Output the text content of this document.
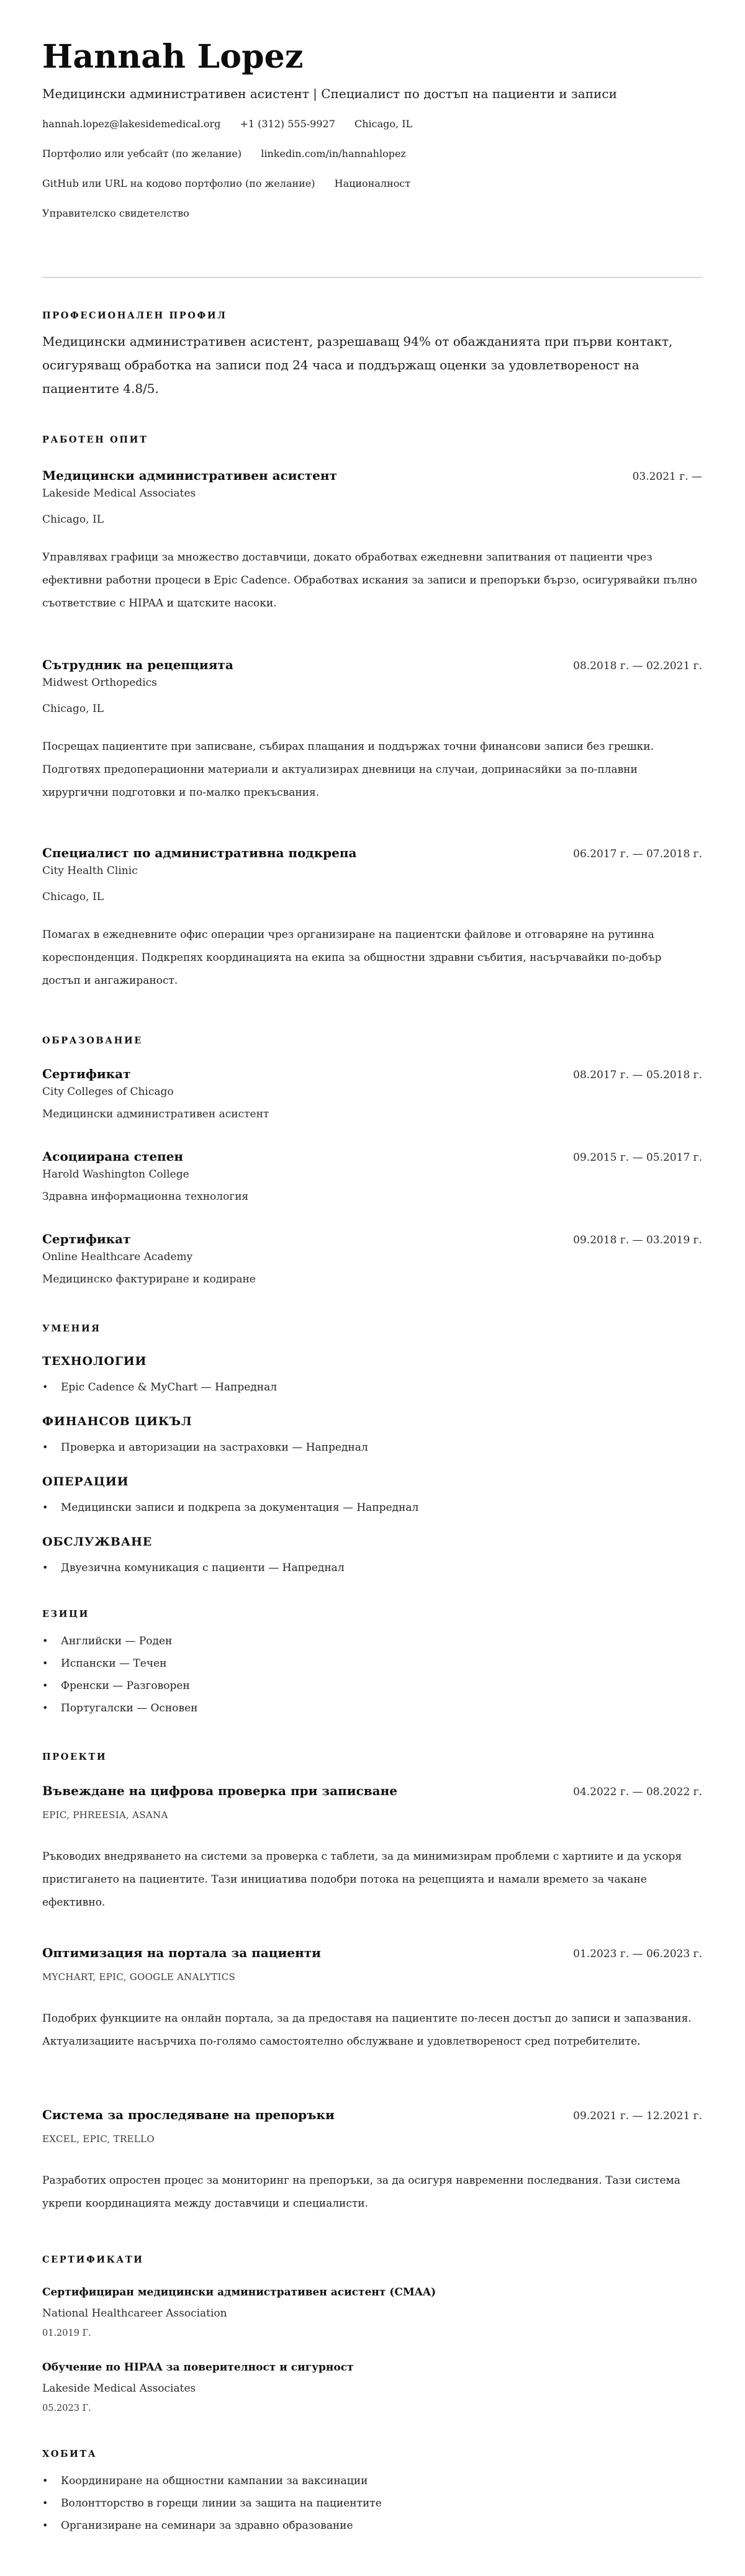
Hannah Lopez
Медицински административен асистент | Специалист по достъп на пациенти и записи
hannah.lopez@lakesidemedical.org +1 (312) 555-9927 Chicago, IL
Портфолио или уебсайт (по желание) linkedin.com/in/hannahlopez
GitHub или URL на кодово портфолио (по желание) Националност
Управителско свидетелство
ПРОФЕСИОНАЛЕН ПРОФИЛ

Медицински административен асистент, разрешаващ 94% от обажданията при първи контакт, осигуряващ обработка на записи под 24 часа и поддържащ оценки за удовлетвореност на пациентите 4.8/5.

РАБОТЕН ОПИТ
Медицински административен асистент	03.2021 г. —
Lakeside Medical Associates
Chicago, IL

Управлявах графици за множество доставчици, докато обработвах ежедневни запитвания от пациенти чрез ефективни работни процеси в Epic Cadence. Обработвах искания за записи и препоръки бързо, осигурявайки пълно съответствие с HIPAA и щатските насоки.

Сътрудник на рецепцията	08.2018 г. — 02.2021 г.
Midwest Orthopedics
Chicago, IL

Посрещах пациентите при записване, събирах плащания и поддържах точни финансови записи без грешки. Подготвях предоперационни материали и актуализирах дневници на случаи, допринасяйки за по-плавни хирургични подготовки и по-малко прекъсвания.

Специалист по административна подкрепа	06.2017 г. — 07.2018 г.
City Health Clinic
Chicago, IL

Помагах в ежедневните офис операции чрез организиране на пациентски файлове и отговаряне на рутинна кореспонденция. Подкрепях координацията на екипа за общностни здравни събития, насърчавайки по-добър достъп и ангажираност.

ОБРАЗОВАНИЕ
Сертификат	08.2017 г. — 05.2018 г.
City Colleges of Chicago
Медицински административен асистент
Асоциирана степен	09.2015 г. — 05.2017 г.
Harold Washington College
Здравна информационна технология
Сертификат	09.2018 г. — 03.2019 г.
Online Healthcare Academy
Медицинско фактуриране и кодиране
УМЕНИЯ
ТЕХНОЛОГИИ
• Epic Cadence & MyChart — Напреднал
ФИНАНСОВ ЦИКЪЛ
• Проверка и авторизации на застраховки — Напреднал
ОПЕРАЦИИ
• Медицински записи и подкрепа за документация — Напреднал
ОБСЛУЖВАНЕ
• Двуезична комуникация с пациенти — Напреднал
ЕЗИЦИ
• Английски — Роден
• Испански — Течен
• Френски — Разговорен
• Португалски — Основен
ПРОЕКТИ
Въвеждане на цифрова проверка при записване	04.2022 г. — 08.2022 г.
EPIC, PHREESIA, ASANA

Ръководих внедряването на системи за проверка с таблети, за да минимизирам проблеми с хартиите и да ускоря пристигането на пациентите. Тази инициатива подобри потока на рецепцията и намали времето за чакане ефективно.

Оптимизация на портала за пациенти	01.2023 г. — 06.2023 г.
MYCHART, EPIC, GOOGLE ANALYTICS

Подобрих функциите на онлайн портала, за да предоставя на пациентите по-лесен достъп до записи и запазвания. Актуализациите насърчиха по-голямо самостоятелно обслужване и удовлетвореност сред потребителите.

Система за проследяване на препоръки	09.2021 г. — 12.2021 г.
EXCEL, EPIC, TRELLO

Разработих опростен процес за мониторинг на препоръки, за да осигуря навременни последвания. Тази система укрепи координацията между доставчици и специалисти.

СЕРТИФИКАТИ
Сертифициран медицински административен асистент (CMAA)
National Healthcareer Association
01.2019 Г.
Обучение по HIPAA за поверителност и сигурност
Lakeside Medical Associates
05.2023 Г.
ХОБИТА
• Координиране на общностни кампании за ваксинации
• Волонтторство в горещи линии за защита на пациентите
• Организиране на семинари за здравно образование
